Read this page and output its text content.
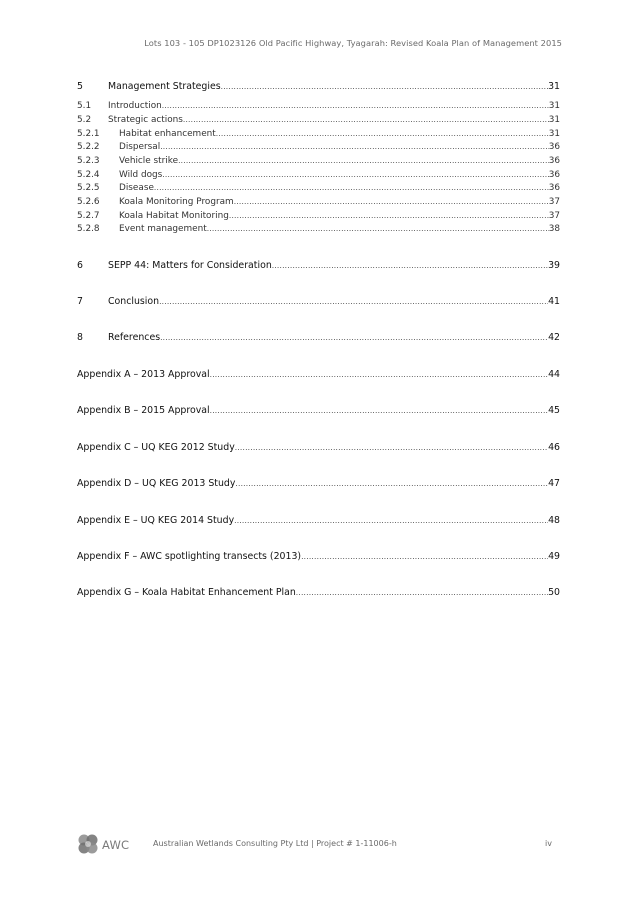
Lots 103 - 105 DP1023126 Old Pacific Highway, Tyagarah: Revised Koala Plan of Management 2015
5	Management Strategies .....	31
5.1	Introduction .....	31
5.2	Strategic actions .....	31
5.2.1	Habitat enhancement .....	31
5.2.2	Dispersal .....	36
5.2.3	Vehicle strike .....	36
5.2.4	Wild dogs .....	36
5.2.5	Disease .....	36
5.2.6	Koala Monitoring Program .....	37
5.2.7	Koala Habitat Monitoring .....	37
5.2.8	Event management .....	38
6	SEPP 44: Matters for Consideration .....	39
7	Conclusion .....	41
8	References .....	42
Appendix A – 2013 Approval .....	44
Appendix B – 2015 Approval .....	45
Appendix C – UQ KEG 2012 Study .....	46
Appendix D – UQ KEG 2013 Study .....	47
Appendix E – UQ KEG 2014 Study .....	48
Appendix F – AWC spotlighting transects (2013) .....	49
Appendix G – Koala Habitat Enhancement Plan .....	50
AWC	Australian Wetlands Consulting Pty Ltd | Project # 1-11006-h	iv
